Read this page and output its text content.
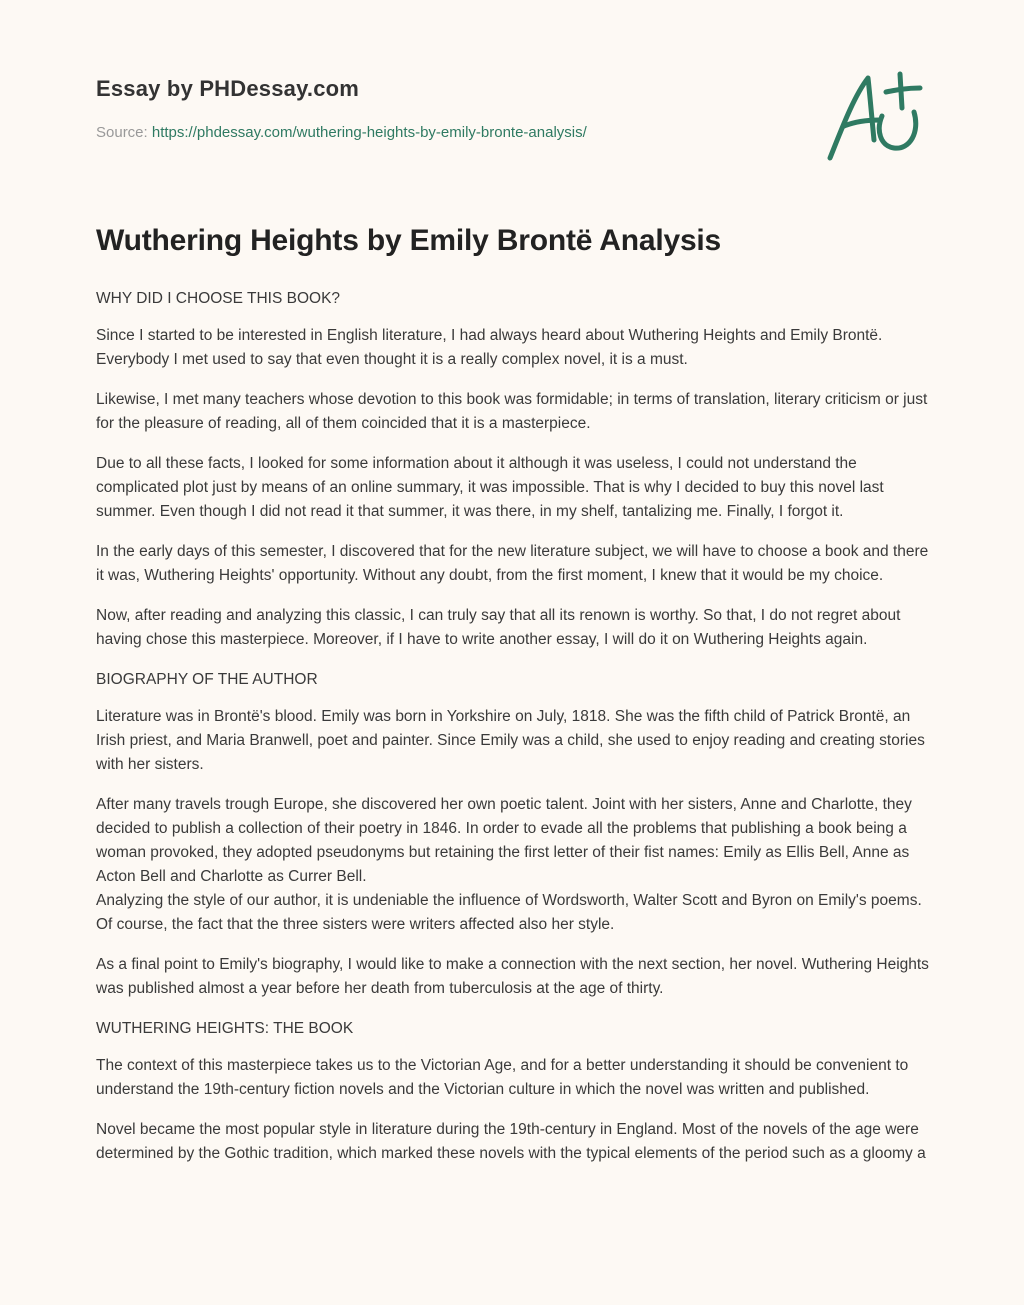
Essay by PHDessay.com
Source: https://phdessay.com/wuthering-heights-by-emily-bronte-analysis/
Wuthering Heights by Emily Brontë Analysis

WHY DID I CHOOSE THIS BOOK?

Since I started to be interested in English literature, I had always heard about Wuthering Heights and Emily Brontë. Everybody I met used to say that even thought it is a really complex novel, it is a must.

Likewise, I met many teachers whose devotion to this book was formidable; in terms of translation, literary criticism or just for the pleasure of reading, all of them coincided that it is a masterpiece.

Due to all these facts, I looked for some information about it although it was useless, I could not understand the complicated plot just by means of an online summary, it was impossible. That is why I decided to buy this novel last summer. Even though I did not read it that summer, it was there, in my shelf, tantalizing me. Finally, I forgot it.

In the early days of this semester, I discovered that for the new literature subject, we will have to choose a book and there it was, Wuthering Heights' opportunity. Without any doubt, from the first moment, I knew that it would be my choice.

Now, after reading and analyzing this classic, I can truly say that all its renown is worthy. So that, I do not regret about having chose this masterpiece. Moreover, if I have to write another essay, I will do it on Wuthering Heights again.

BIOGRAPHY OF THE AUTHOR

Literature was in Brontë's blood. Emily was born in Yorkshire on July, 1818. She was the fifth child of Patrick Brontë, an Irish priest, and Maria Branwell, poet and painter. Since Emily was a child, she used to enjoy reading and creating stories with her sisters.

After many travels trough Europe, she discovered her own poetic talent. Joint with her sisters, Anne and Charlotte, they decided to publish a collection of their poetry in 1846. In order to evade all the problems that publishing a book being a woman provoked, they adopted pseudonyms but retaining the first letter of their fist names: Emily as Ellis Bell, Anne as Acton Bell and Charlotte as Currer Bell.

Analyzing the style of our author, it is undeniable the influence of Wordsworth, Walter Scott and Byron on Emily's poems. Of course, the fact that the three sisters were writers affected also her style.

As a final point to Emily's biography, I would like to make a connection with the next section, her novel. Wuthering Heights was published almost a year before her death from tuberculosis at the age of thirty.

WUTHERING HEIGHTS: THE BOOK

The context of this masterpiece takes us to the Victorian Age, and for a better understanding it should be convenient to understand the 19th-century fiction novels and the Victorian culture in which the novel was written and published.

Novel became the most popular style in literature during the 19th-century in England. Most of the novels of the age were determined by the Gothic tradition, which marked these novels with the typical elements of the period such as a gloomy a
